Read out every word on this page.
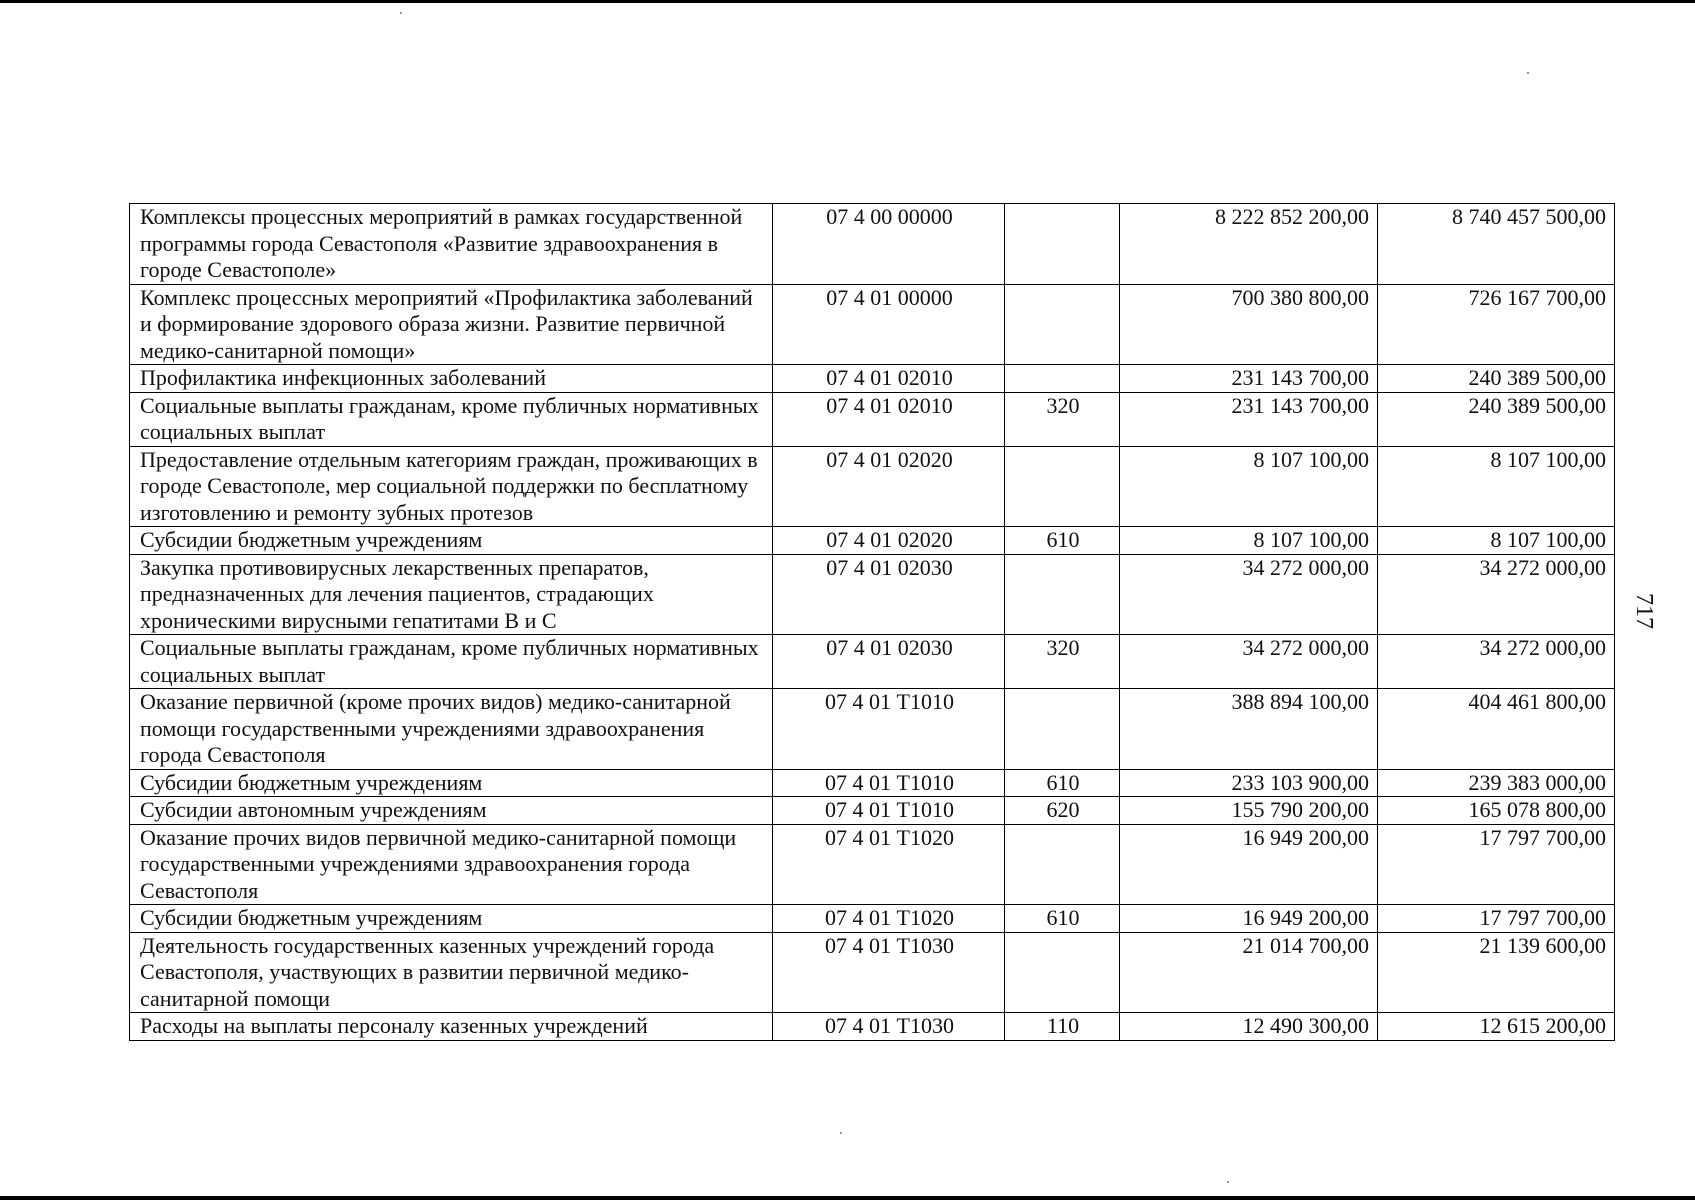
Комплексы процессных мероприятий в рамках государственной программы города Севастополя «Развитие здравоохранения в городе Севастополе»	07 4 00 00000		8 222 852 200,00	8 740 457 500,00
Комплекс процессных мероприятий «Профилактика заболеваний и формирование здорового образа жизни. Развитие первичной медико-санитарной помощи»	07 4 01 00000		700 380 800,00	726 167 700,00
Профилактика инфекционных заболеваний	07 4 01 02010		231 143 700,00	240 389 500,00
Социальные выплаты гражданам, кроме публичных нормативных социальных выплат	07 4 01 02010	320	231 143 700,00	240 389 500,00
Предоставление отдельным категориям граждан, проживающих в городе Севастополе, мер социальной поддержки по бесплатному изготовлению и ремонту зубных протезов	07 4 01 02020		8 107 100,00	8 107 100,00
Субсидии бюджетным учреждениям	07 4 01 02020	610	8 107 100,00	8 107 100,00
Закупка противовирусных лекарственных препаратов, предназначенных для лечения пациентов, страдающих хроническими вирусными гепатитами В и С	07 4 01 02030		34 272 000,00	34 272 000,00
Социальные выплаты гражданам, кроме публичных нормативных социальных выплат	07 4 01 02030	320	34 272 000,00	34 272 000,00
Оказание первичной (кроме прочих видов) медико-санитарной помощи государственными учреждениями здравоохранения города Севастополя	07 4 01 Т1010		388 894 100,00	404 461 800,00
Субсидии бюджетным учреждениям	07 4 01 Т1010	610	233 103 900,00	239 383 000,00
Субсидии автономным учреждениям	07 4 01 Т1010	620	155 790 200,00	165 078 800,00
Оказание прочих видов первичной медико-санитарной помощи государственными учреждениями здравоохранения города Севастополя	07 4 01 Т1020		16 949 200,00	17 797 700,00
Субсидии бюджетным учреждениям	07 4 01 Т1020	610	16 949 200,00	17 797 700,00
Деятельность государственных казенных учреждений города Севастополя, участвующих в развитии первичной медико-санитарной помощи	07 4 01 Т1030		21 014 700,00	21 139 600,00
Расходы на выплаты персоналу казенных учреждений	07 4 01 Т1030	110	12 490 300,00	12 615 200,00
717
